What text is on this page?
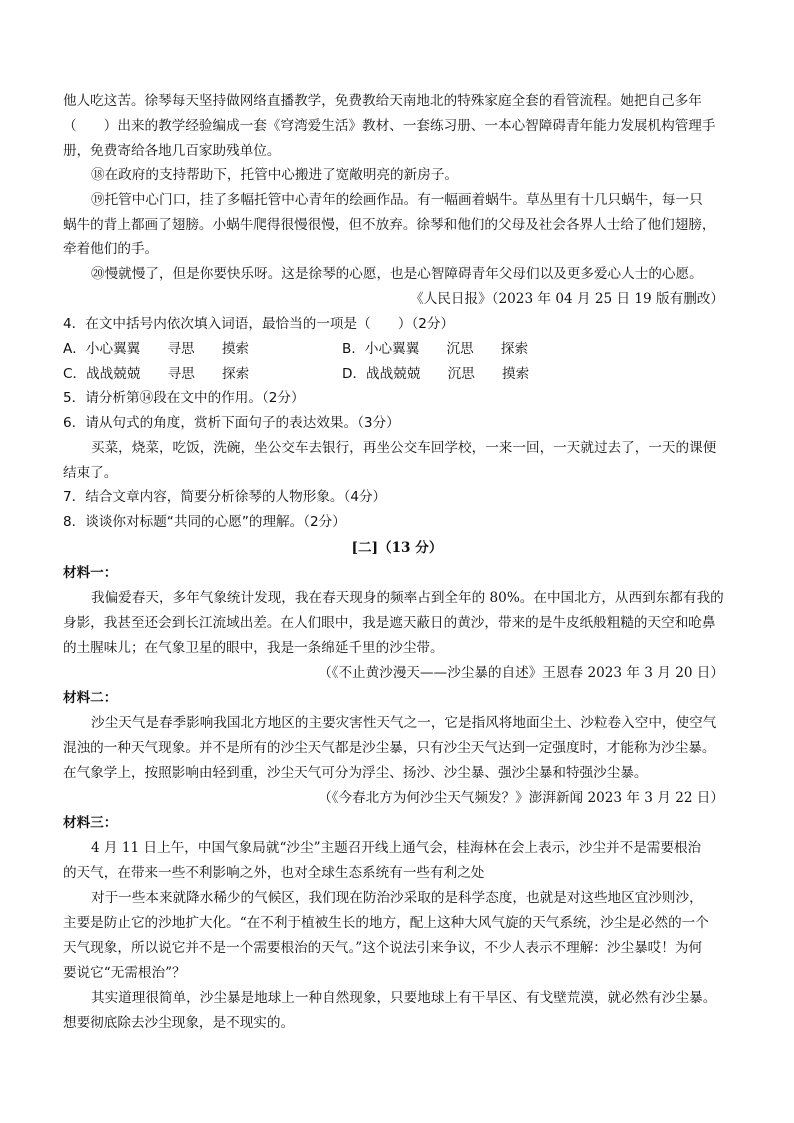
他人吃这苦。徐琴每天坚持做网络直播教学，免费教给天南地北的特殊家庭全套的看管流程。她把自己多年
（　　）出来的教学经验编成一套《穹湾爱生活》教材、一套练习册、一本心智障碍青年能力发展机构管理手
册，免费寄给各地几百家助残单位。
⑱在政府的支持帮助下，托管中心搬进了宽敞明亮的新房子。
⑲托管中心门口，挂了多幅托管中心青年的绘画作品。有一幅画着蜗牛。草丛里有十几只蜗牛，每一只
蜗牛的背上都画了翅膀。小蜗牛爬得很慢很慢，但不放弃。徐琴和他们的父母及社会各界人士给了他们翅膀，
牵着他们的手。
⑳慢就慢了，但是你要快乐呀。这是徐琴的心愿，也是心智障碍青年父母们以及更多爱心人士的心愿。
《人民日报》（2023 年 04 月 25 日 19 版有删改）
4．在文中括号内依次填入词语，最恰当的一项是（　　）（2分）
A．小心翼翼　　寻思　　摸索	B．小心翼翼　　沉思　　探索
C．战战兢兢　　寻思　　探索	D．战战兢兢　　沉思　　摸索
5．请分析第⑭段在文中的作用。（2分）
6．请从句式的角度，赏析下面句子的表达效果。（3分）
买菜，烧菜，吃饭，洗碗，坐公交车去银行，再坐公交车回学校，一来一回，一天就过去了，一天的课便
结束了。
7．结合文章内容，简要分析徐琴的人物形象。（4分）
8．谈谈你对标题“共同的心愿”的理解。（2分）
[二]（13 分）
材料一：
我偏爱春天，多年气象统计发现，我在春天现身的频率占到全年的 80%。在中国北方，从西到东都有我的
身影，我甚至还会到长江流域出差。在人们眼中，我是遮天蔽日的黄沙，带来的是牛皮纸般粗糙的天空和呛鼻
的土腥味儿；在气象卫星的眼中，我是一条绵延千里的沙尘带。
（《不止黄沙漫天——沙尘暴的自述》王恩春 2023 年 3 月 20 日）
材料二：
沙尘天气是春季影响我国北方地区的主要灾害性天气之一，它是指风将地面尘土、沙粒卷入空中，使空气
混浊的一种天气现象。并不是所有的沙尘天气都是沙尘暴，只有沙尘天气达到一定强度时，才能称为沙尘暴。
在气象学上，按照影响由轻到重，沙尘天气可分为浮尘、扬沙、沙尘暴、强沙尘暴和特强沙尘暴。
（《今春北方为何沙尘天气频发？》澎湃新闻 2023 年 3 月 22 日）
材料三：
4 月 11 日上午，中国气象局就“沙尘”主题召开线上通气会，桂海林在会上表示，沙尘并不是需要根治
的天气，在带来一些不利影响之外，也对全球生态系统有一些有利之处
对于一些本来就降水稀少的气候区，我们现在防治沙采取的是科学态度，也就是对这些地区宜沙则沙，
主要是防止它的沙地扩大化。“在不利于植被生长的地方，配上这种大风气旋的天气系统，沙尘是必然的一个
天气现象，所以说它并不是一个需要根治的天气。”这个说法引来争议，不少人表示不理解：沙尘暴哎！为何
要说它“无需根治”？
其实道理很简单，沙尘暴是地球上一种自然现象，只要地球上有干旱区、有戈壁荒漠，就必然有沙尘暴。
想要彻底除去沙尘现象，是不现实的。
